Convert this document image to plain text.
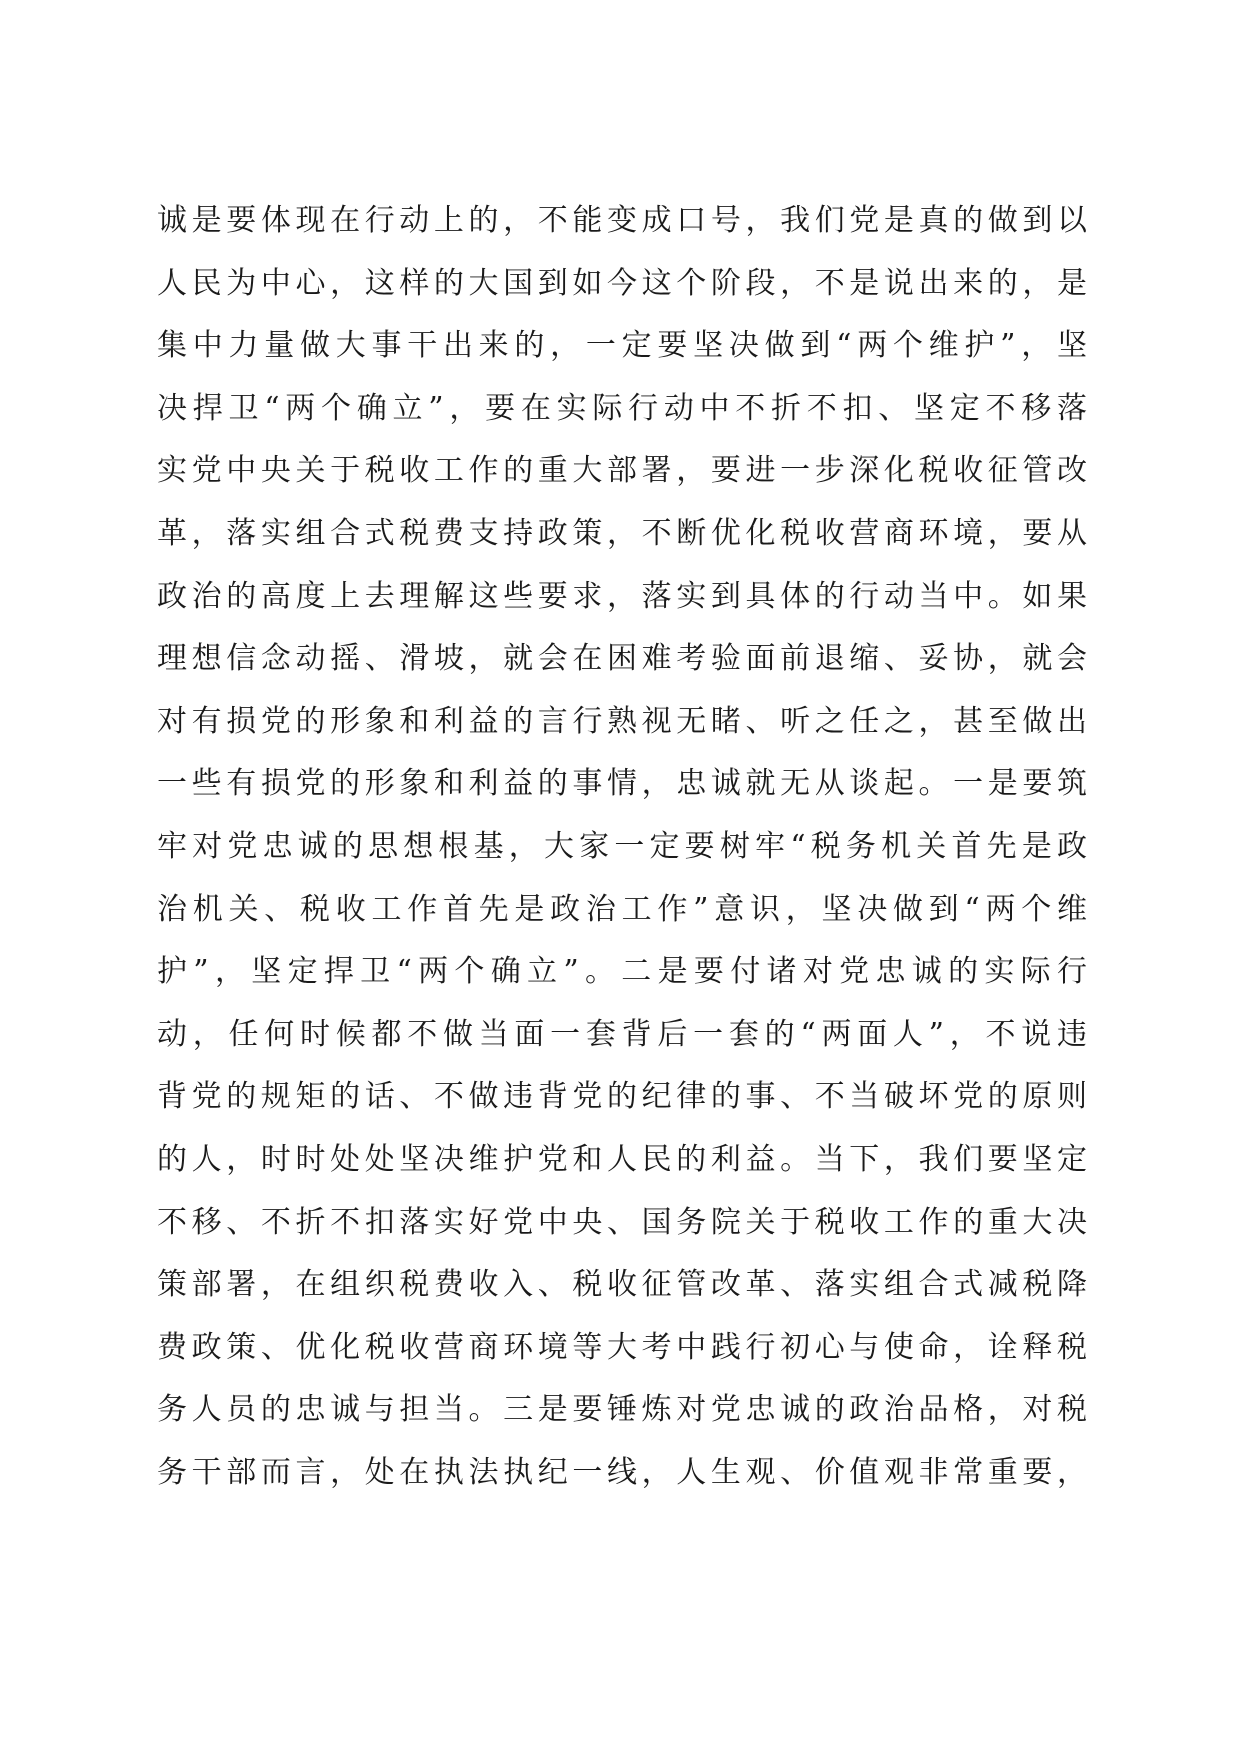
诚是要体现在行动上的，不能变成口号，我们党是真的做到以
人民为中心，这样的大国到如今这个阶段，不是说出来的，是
集中力量做大事干出来的，一定要坚决做到“两个维护”，坚
决捍卫“两个确立”，要在实际行动中不折不扣、坚定不移落
实党中央关于税收工作的重大部署，要进一步深化税收征管改
革，落实组合式税费支持政策，不断优化税收营商环境，要从
政治的高度上去理解这些要求，落实到具体的行动当中。如果
理想信念动摇、滑坡，就会在困难考验面前退缩、妥协，就会
对有损党的形象和利益的言行熟视无睹、听之任之，甚至做出
一些有损党的形象和利益的事情，忠诚就无从谈起。一是要筑
牢对党忠诚的思想根基，大家一定要树牢“税务机关首先是政
治机关、税收工作首先是政治工作”意识，坚决做到“两个维
护”，坚定捍卫“两个确立”。二是要付诸对党忠诚的实际行
动，任何时候都不做当面一套背后一套的“两面人”，不说违
背党的规矩的话、不做违背党的纪律的事、不当破坏党的原则
的人，时时处处坚决维护党和人民的利益。当下，我们要坚定
不移、不折不扣落实好党中央、国务院关于税收工作的重大决
策部署，在组织税费收入、税收征管改革、落实组合式减税降
费政策、优化税收营商环境等大考中践行初心与使命，诠释税
务人员的忠诚与担当。三是要锤炼对党忠诚的政治品格，对税
务干部而言，处在执法执纪一线，人生观、价值观非常重要，
